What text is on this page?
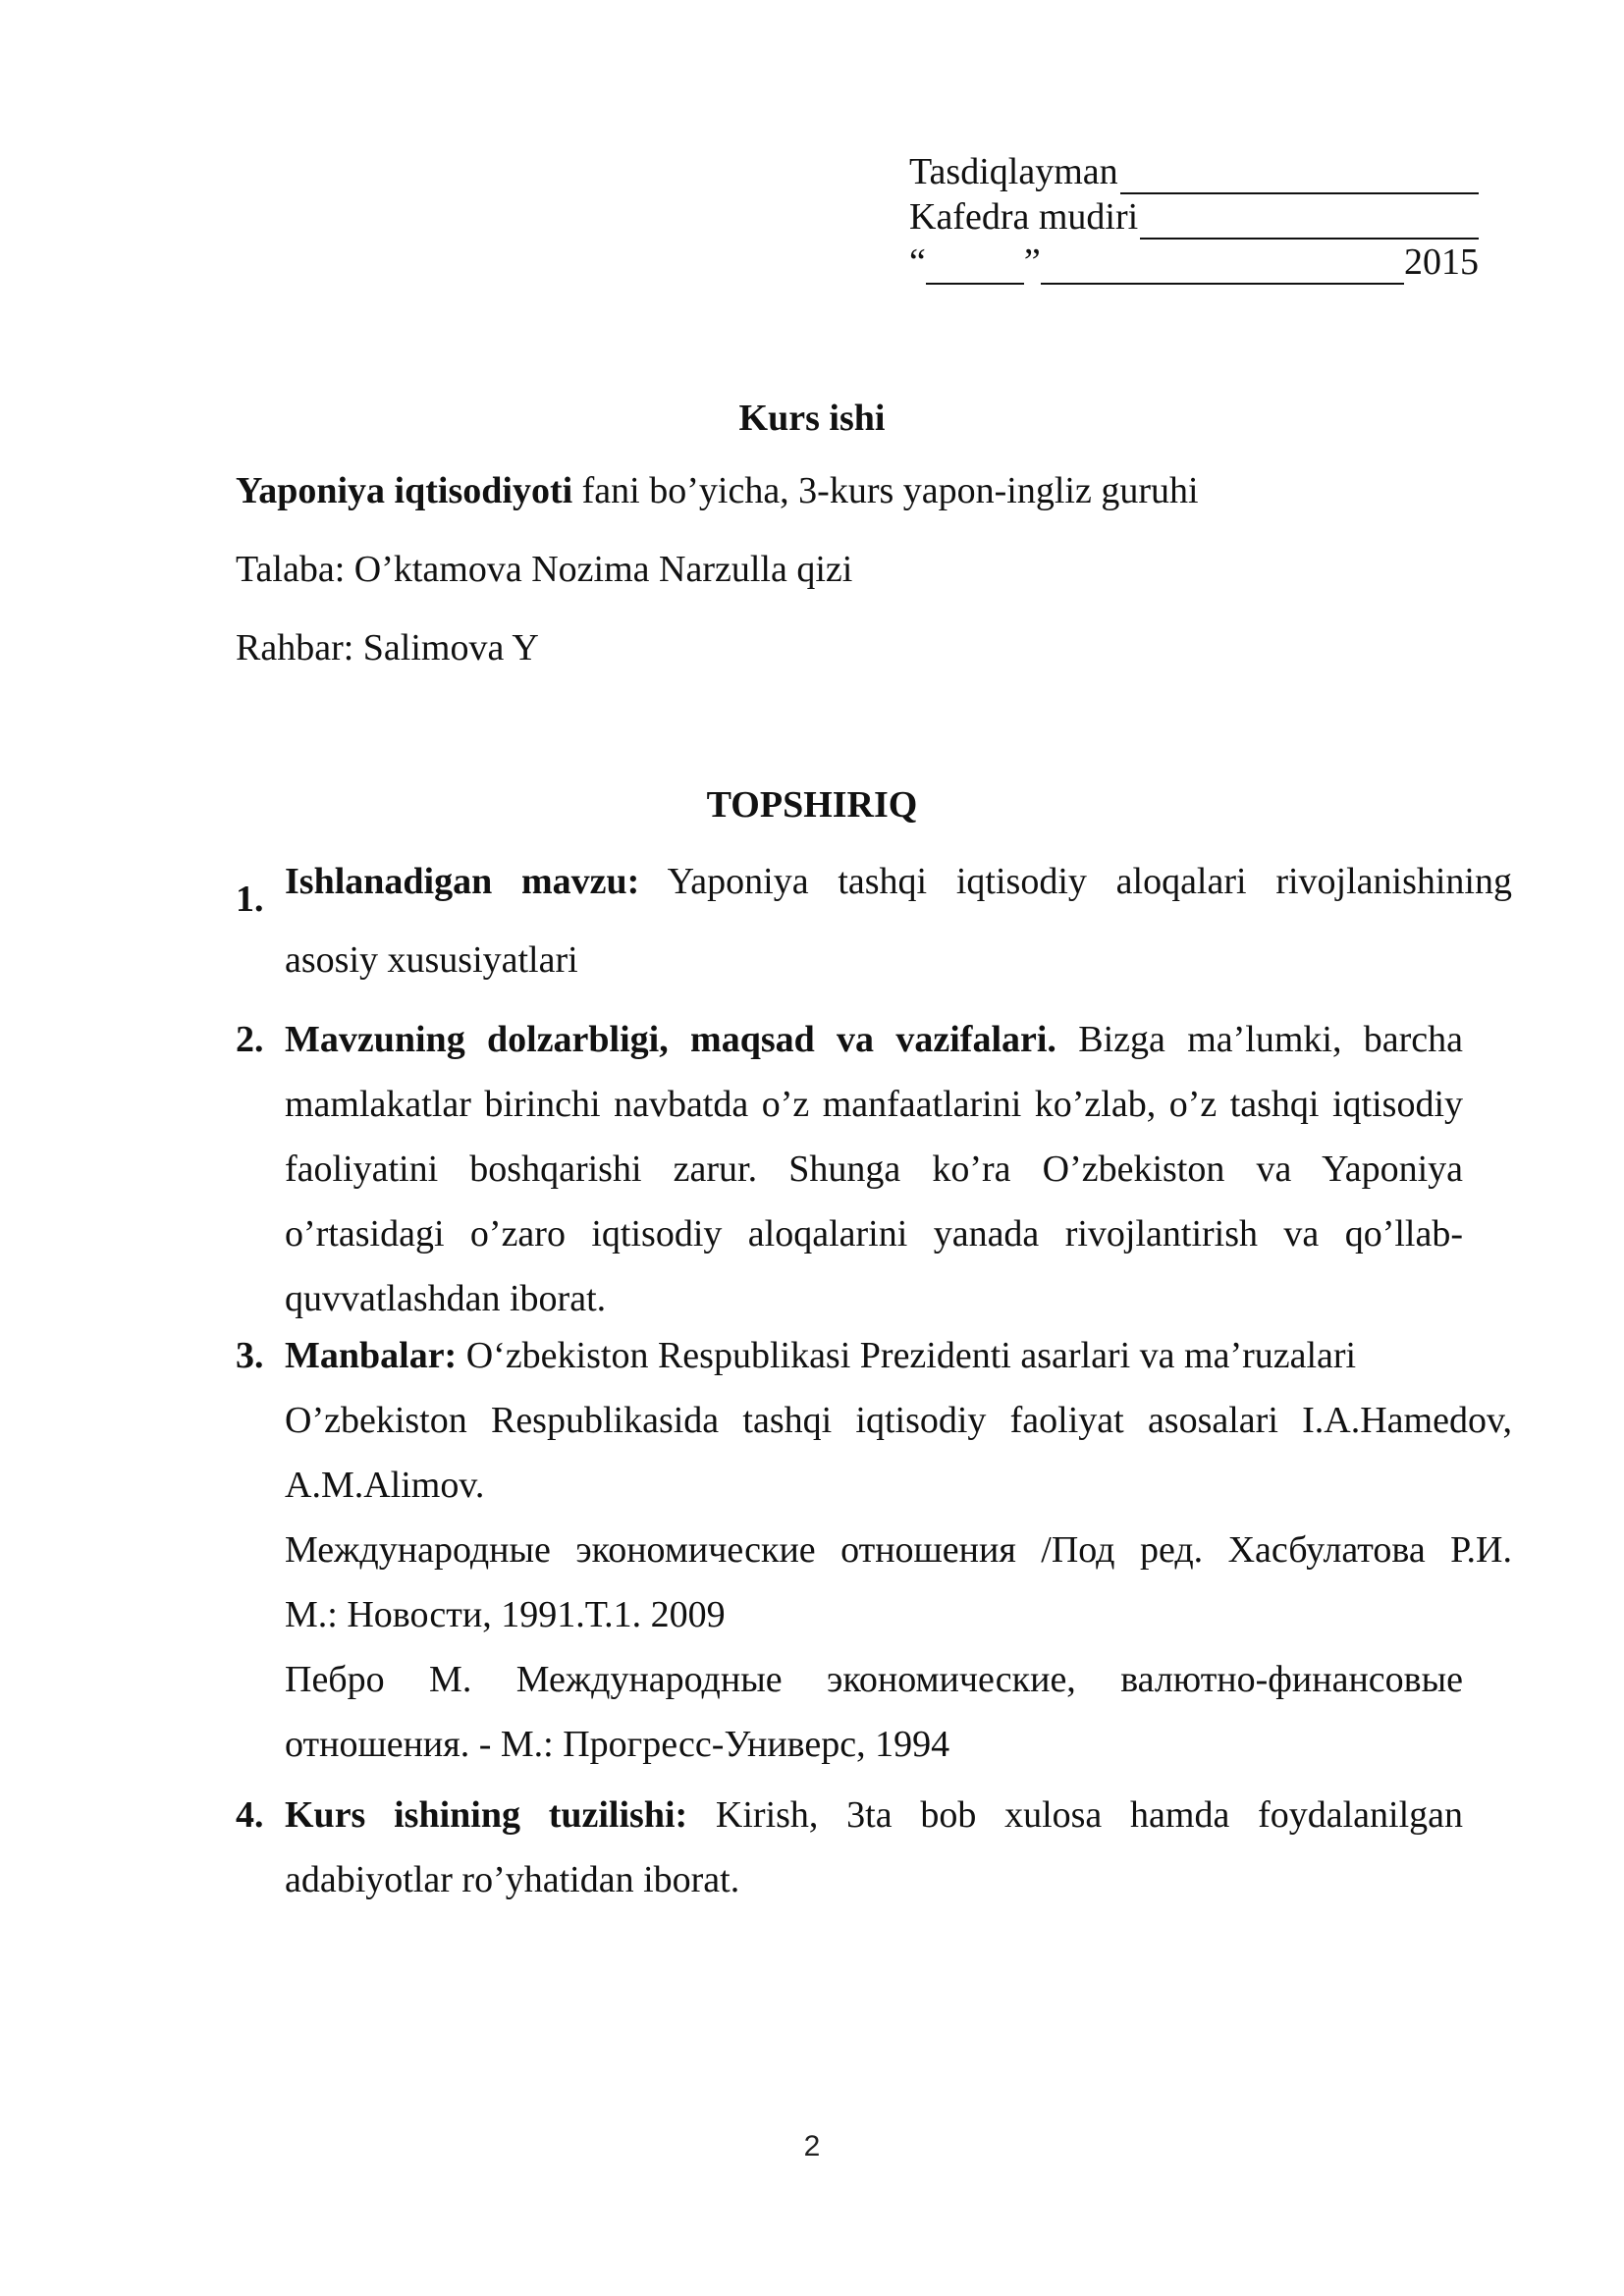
Tasdiqlayman
Kafedra mudiri
“	”	2015
Kurs ishi
Yaponiya iqtisodiyoti fani bo’yicha, 3-kurs yapon-ingliz guruhi
Talaba: O’ktamova Nozima Narzulla qizi
Rahbar: Salimova Y
TOPSHIRIQ
1. Ishlanadigan mavzu: Yaponiya tashqi iqtisodiy aloqalari rivojlanishining

asosiy xususiyatlari

2. Mavzuning dolzarbligi, maqsad va vazifalari. Bizga ma’lumki, barcha

mamlakatlar birinchi navbatda o’z manfaatlarini ko’zlab, o’z tashqi iqtisodiy

faoliyatini boshqarishi zarur. Shunga ko’ra O’zbekiston va Yaponiya

o’rtasidagi o’zaro iqtisodiy aloqalarini yanada rivojlantirish va qo’llab-

quvvatlashdan iborat.

3. Manbalar: O‘zbekiston Respublikasi Prezidenti asarlari va ma’ruzalari

O’zbekiston Respublikasida tashqi iqtisodiy faoliyat asosalari I.A.Hamedov,

A.M.Alimov.

Международные экономические отношения /Под ред. Хасбулатова Р.И.

М.: Новости, 1991.Т.1. 2009

Пебро М. Международные экономические, валютно-финансовые

отношения. - М.: Прогресс-Универс, 1994

4. Kurs ishining tuzilishi: Kirish, 3ta bob xulosa hamda foydalanilgan

adabiyotlar ro’yhatidan iborat.

2
